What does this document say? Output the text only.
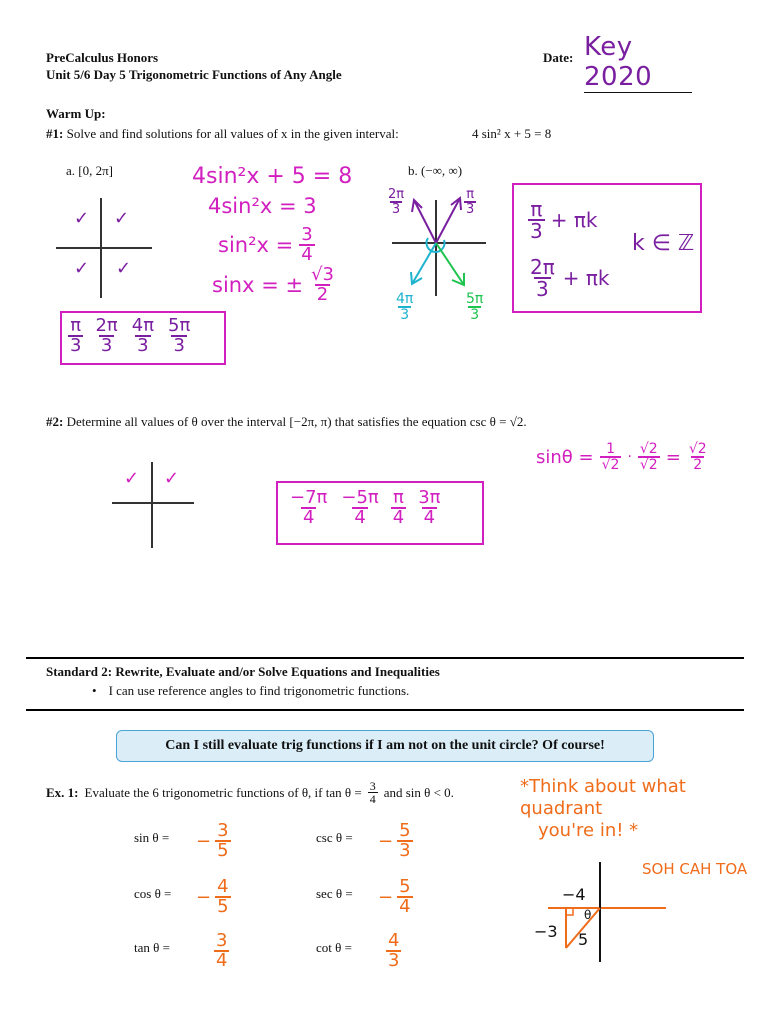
PreCalculus Honors
Unit 5/6 Day 5 Trigonometric Functions of Any Angle
Date: Key 2020
Warm Up:
#1: Solve and find solutions for all values of x in the given interval:	4 sin² x + 5 = 8
a. [0, 2π]	b. (−∞, ∞)
✓ ✓
✓ ✓
4sin²x + 5 = 8
4sin²x = 3
$\sin^2x = \frac{3}{4}$
sinx = ± $\frac{√3}{2}$
$\frac{\pi}{3} \frac{2\pi}{3} \frac{4\pi}{3} \frac{5\pi}{3}$
$\frac{2\pi}{3}$	$\frac{\pi}{3}$
$\frac{4\pi}{3}$	$\frac{5\pi}{3}$
$\frac{\pi}{3} + \pi k$
$\frac{2\pi}{3} + \pi k$
k ∈ ℤ
#2: Determine all values of θ over the interval [−2π, π) that satisfies the equation csc θ = √2.
✓ ✓
$\sin\theta = \frac{1}{√2} \cdot \frac{√2}{√2} = \frac{√2}{2}$
$\frac{-7\pi}{4} \frac{-5\pi}{4} \frac{\pi}{4} \frac{3\pi}{4}$
Standard 2: Rewrite, Evaluate and/or Solve Equations and Inequalities
• I can use reference angles to find trigonometric functions.
Can I still evaluate trig functions if I am not on the unit circle? Of course!
Ex. 1: Evaluate the 6 trigonometric functions of θ, if $\tan \theta = \frac{3}{4}$ and sin θ < 0.	*Think about what quadrant
you're in! *
SOH CAH TOA
sin θ = − $\frac{3}{5}$	csc θ = − $\frac{5}{3}$
cos θ = − $\frac{4}{5}$	sec θ = − $\frac{5}{4}$
$\tan \theta = \frac{3}{4}$	$\cot \theta = \frac{4}{3}$
−4
−3 5
θ
